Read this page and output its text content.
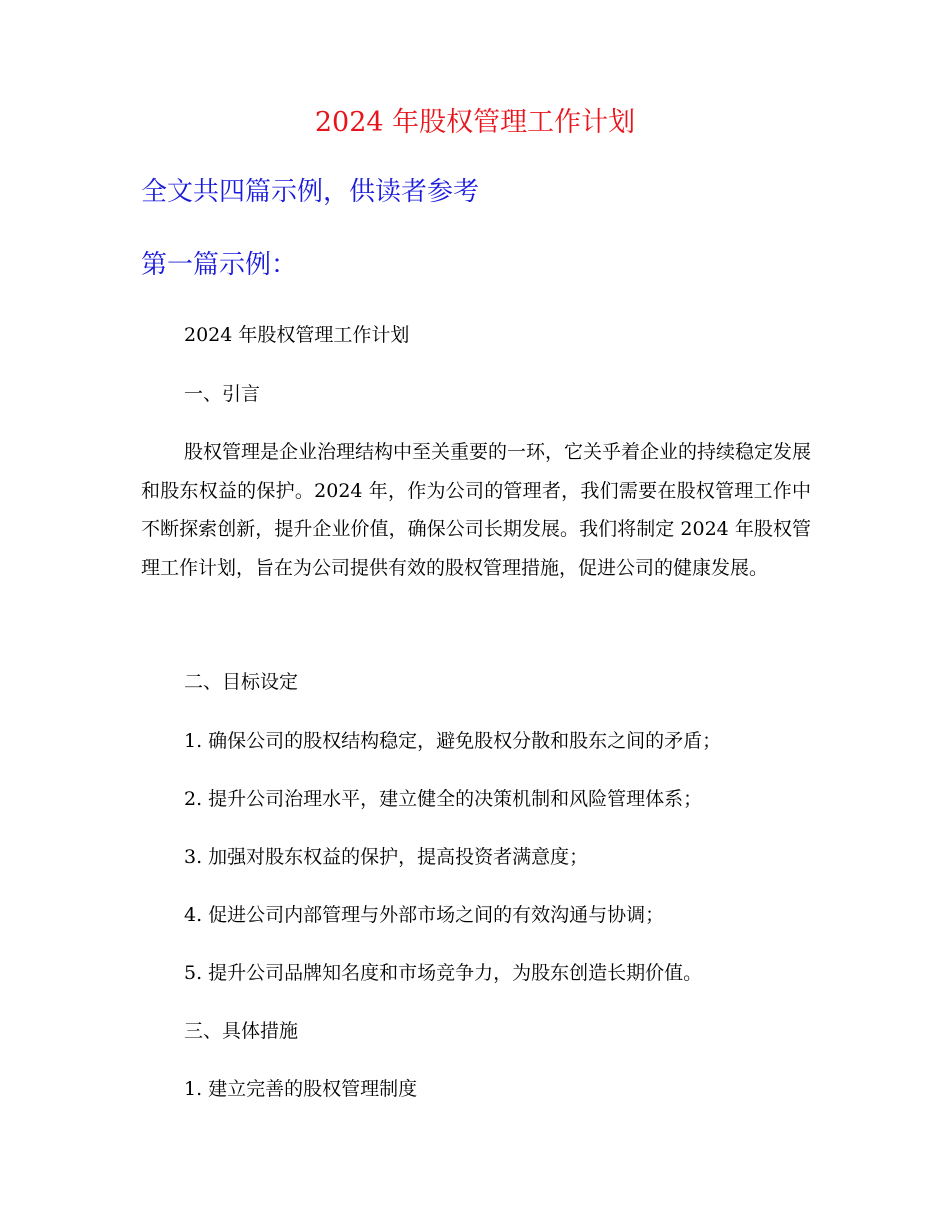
2024 年股权管理工作计划
全文共四篇示例，供读者参考
第一篇示例：
2024 年股权管理工作计划
一、引言
股权管理是企业治理结构中至关重要的一环，它关乎着企业的持续稳定发展和股东权益的保护。2024 年，作为公司的管理者，我们需要在股权管理工作中不断探索创新，提升企业价值，确保公司长期发展。我们将制定 2024 年股权管理工作计划，旨在为公司提供有效的股权管理措施，促进公司的健康发展。
二、目标设定
1. 确保公司的股权结构稳定，避免股权分散和股东之间的矛盾；
2. 提升公司治理水平，建立健全的决策机制和风险管理体系；
3. 加强对股东权益的保护，提高投资者满意度；
4. 促进公司内部管理与外部市场之间的有效沟通与协调；
5. 提升公司品牌知名度和市场竞争力，为股东创造长期价值。
三、具体措施
1. 建立完善的股权管理制度
